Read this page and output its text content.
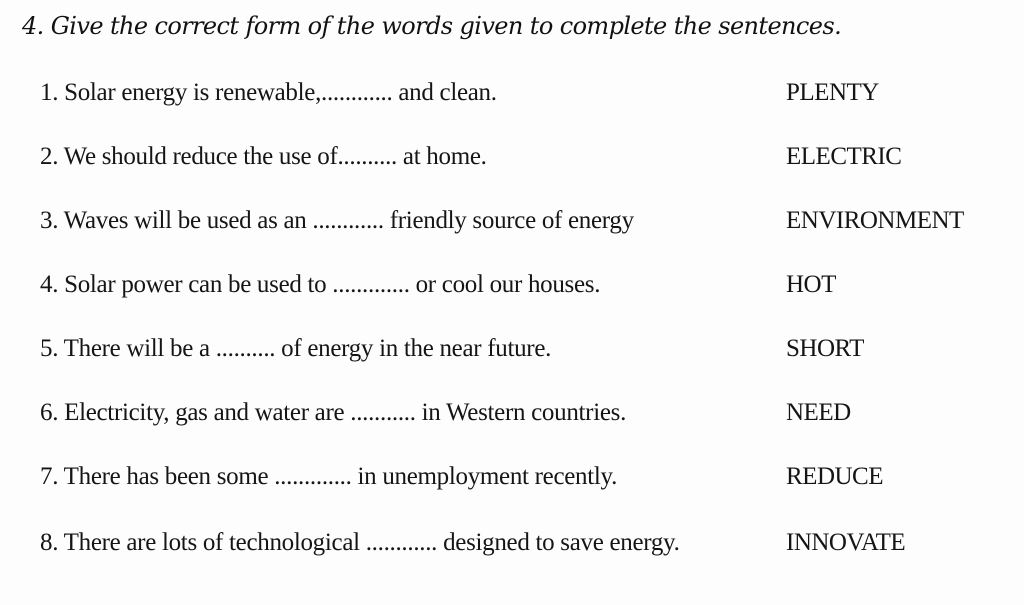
4. Give the correct form of the words given to complete the sentences.
1. Solar energy is renewable,............ and clean.	PLENTY
2. We should reduce the use of.......... at home.	ELECTRIC
3. Waves will be used as an ............ friendly source of energy	ENVIRONMENT
4. Solar power can be used to ............. or cool our houses.	HOT
5. There will be a .......... of energy in the near future.	SHORT
6. Electricity, gas and water are ........... in Western countries.	NEED
7. There has been some ............. in unemployment recently.	REDUCE
8. There are lots of technological ............ designed to save energy.	INNOVATE
